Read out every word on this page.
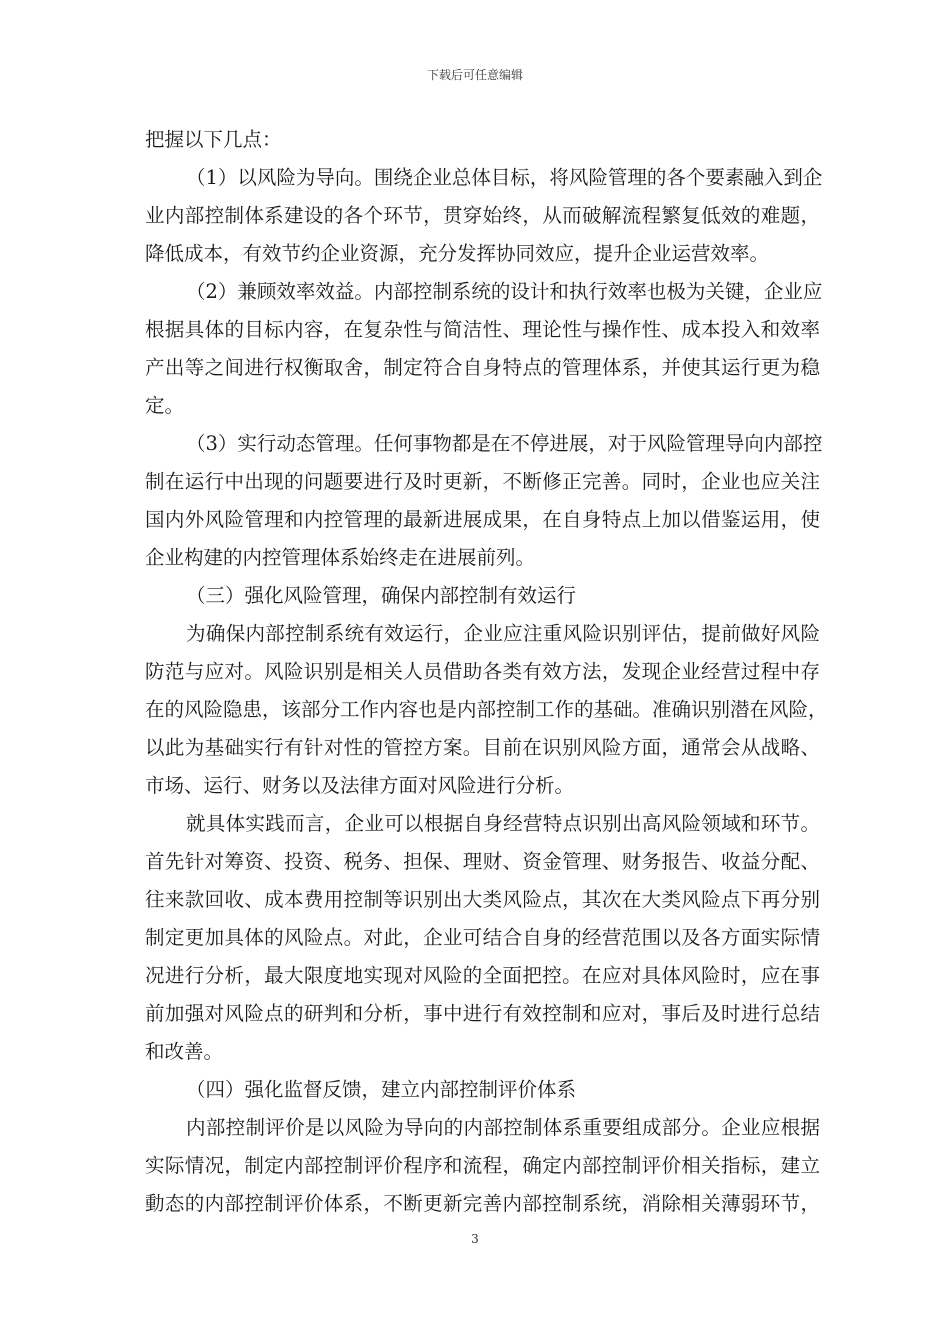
下载后可任意编辑
把握以下几点：
（1）以风险为导向。围绕企业总体目标，将风险管理的各个要素融入到企
业内部控制体系建设的各个环节，贯穿始终，从而破解流程繁复低效的难题，
降低成本，有效节约企业资源，充分发挥协同效应，提升企业运营效率。
（2）兼顾效率效益。内部控制系统的设计和执行效率也极为关键，企业应
根据具体的目标内容，在复杂性与简洁性、理论性与操作性、成本投入和效率
产出等之间进行权衡取舍，制定符合自身特点的管理体系，并使其运行更为稳
定。
（3）实行动态管理。任何事物都是在不停进展，对于风险管理导向内部控
制在运行中出现的问题要进行及时更新，不断修正完善。同时，企业也应关注
国内外风险管理和内控管理的最新进展成果，在自身特点上加以借鉴运用，使
企业构建的内控管理体系始终走在进展前列。
（三）强化风险管理，确保内部控制有效运行
为确保内部控制系统有效运行，企业应注重风险识别评估，提前做好风险
防范与应对。风险识别是相关人员借助各类有效方法，发现企业经营过程中存
在的风险隐患，该部分工作内容也是内部控制工作的基础。准确识别潜在风险，
以此为基础实行有针对性的管控方案。目前在识别风险方面，通常会从战略、
市场、运行、财务以及法律方面对风险进行分析。
就具体实践而言，企业可以根据自身经营特点识别出高风险领域和环节。
首先针对筹资、投资、税务、担保、理财、资金管理、财务报告、收益分配、
往来款回收、成本费用控制等识别出大类风险点，其次在大类风险点下再分别
制定更加具体的风险点。对此，企业可结合自身的经营范围以及各方面实际情
况进行分析，最大限度地实现对风险的全面把控。在应对具体风险时，应在事
前加强对风险点的研判和分析，事中进行有效控制和应对，事后及时进行总结
和改善。
（四）强化监督反馈，建立内部控制评价体系
内部控制评价是以风险为导向的内部控制体系重要组成部分。企业应根据
实际情况，制定内部控制评价程序和流程，确定内部控制评价相关指标，建立
動态的内部控制评价体系，不断更新完善内部控制系统，消除相关薄弱环节，
3
